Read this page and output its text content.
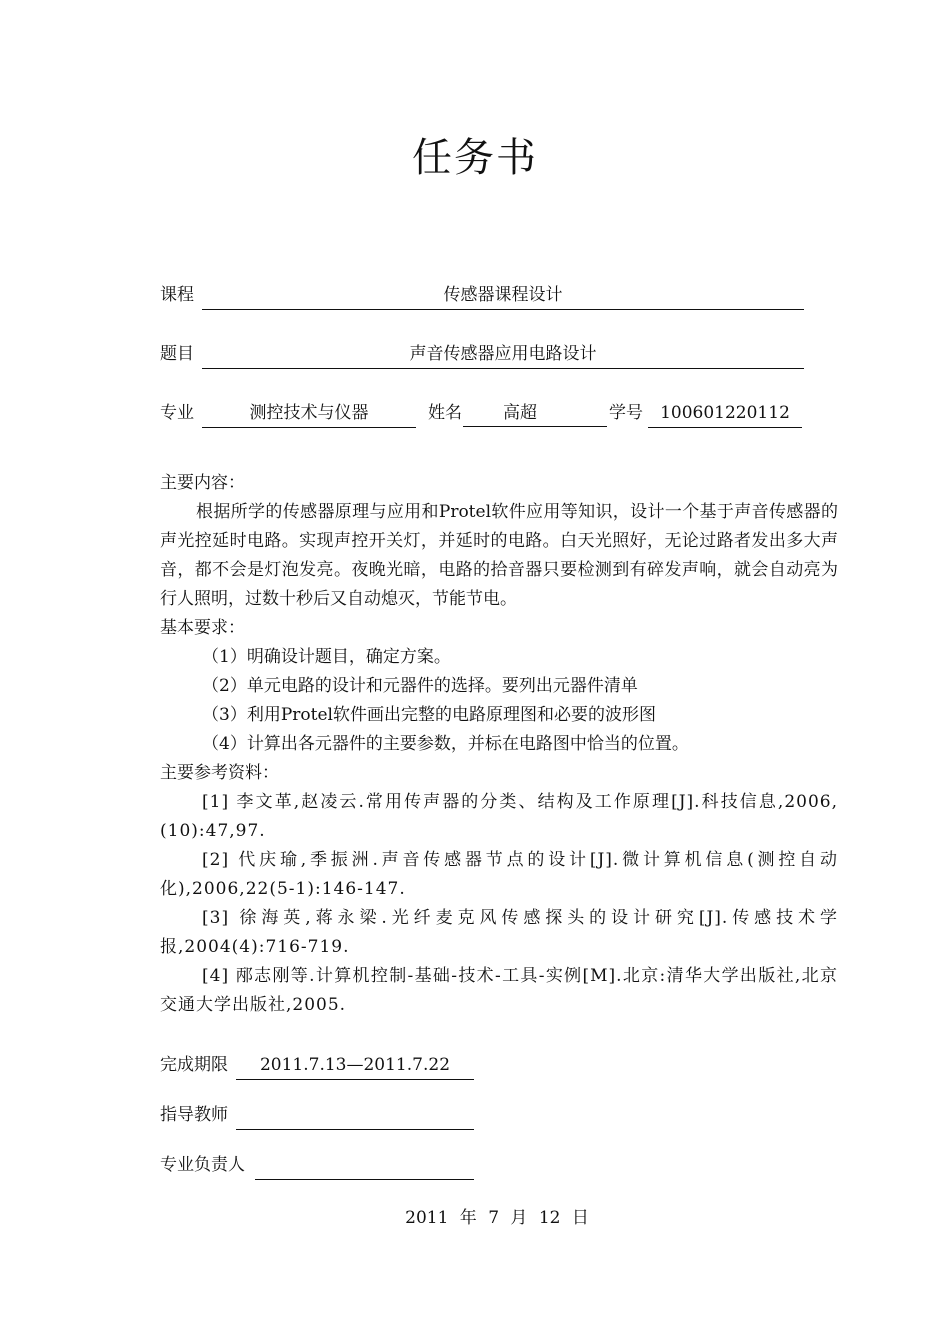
任务书
课程	传感器课程设计
题目	声音传感器应用电路设计
专业	测控技术与仪器	姓名	高超	学号	100601220112

主要内容：

根据所学的传感器原理与应用和Protel软件应用等知识，设计一个基于声音传感器的声光控延时电路。实现声控开关灯，并延时的电路。白天光照好，无论过路者发出多大声音，都不会是灯泡发亮。夜晚光暗，电路的拾音器只要检测到有碎发声响，就会自动亮为行人照明，过数十秒后又自动熄灭，节能节电。

基本要求：

（1）明确设计题目，确定方案。

（2）单元电路的设计和元器件的选择。要列出元器件清单

（3）利用Protel软件画出完整的电路原理图和必要的波形图

（4）计算出各元器件的主要参数，并标在电路图中恰当的位置。

主要参考资料：

[1] 李文革,赵凌云.常用传声器的分类、结构及工作原理[J].科技信息,2006,(10):47,97.

[2] 代庆瑜,季振洲.声音传感器节点的设计[J].微计算机信息(测控自动化),2006,22(5-1):146-147.

[3] 徐海英,蒋永梁.光纤麦克风传感探头的设计研究[J].传感技术学报,2004(4):716-719.

[4] 邴志刚等.计算机控制-基础-技术-工具-实例[M].北京:清华大学出版社,北京交通大学出版社,2005.

完成期限	2011.7.13—2011.7.22
指导教师
专业负责人
2011 年 7 月 12 日
